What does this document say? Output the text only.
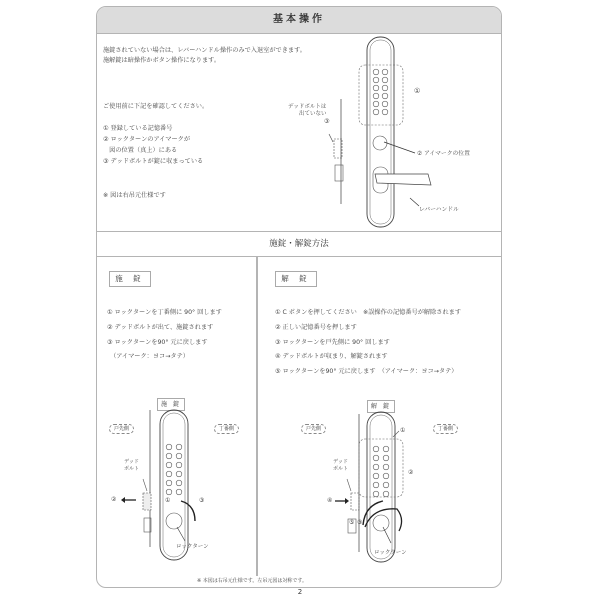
基本操作
施錠されていない場合は、レバーハンドル操作のみで入退室ができます。
施解錠は暗操作かボタン操作になります。
ご使用前に下記を確認してください。
① 登録している記憶番号
② ロックターンのアイマークが
　図の位置（真上）にある
③ デッドボルトが錠に収まっている
※ 図は右吊元仕様です
デッドボルトは
出ていない
③
①
② アイマークの位置
レバーハンドル
施錠・解錠方法
施 錠
① ロックターンを丁番側に 90° 回します
② デッドボルトが出て、施錠されます
③ ロックターンを90° 元に戻します
　（アイマーク：ヨコ→タテ）
施 錠
戸先側	丁番側
デッド
ボルト
②	①	③
ロックターン
解 錠
① C ボタンを押してください　※誤操作の記憶番号が解除されます
② 正しい記憶番号を押します
③ ロックターンを戸先側に 90° 回します
④ デッドボルトが収まり、解錠されます
⑤ ロックターンを90° 元に戻します　（アイマーク：ヨコ→タテ）
解 錠
戸先側	丁番側
デッド
ボルト
④
⑤ ③
①
②
ロックターン
※ 本図は右吊元仕様です。左吊元図は対称です。
2
